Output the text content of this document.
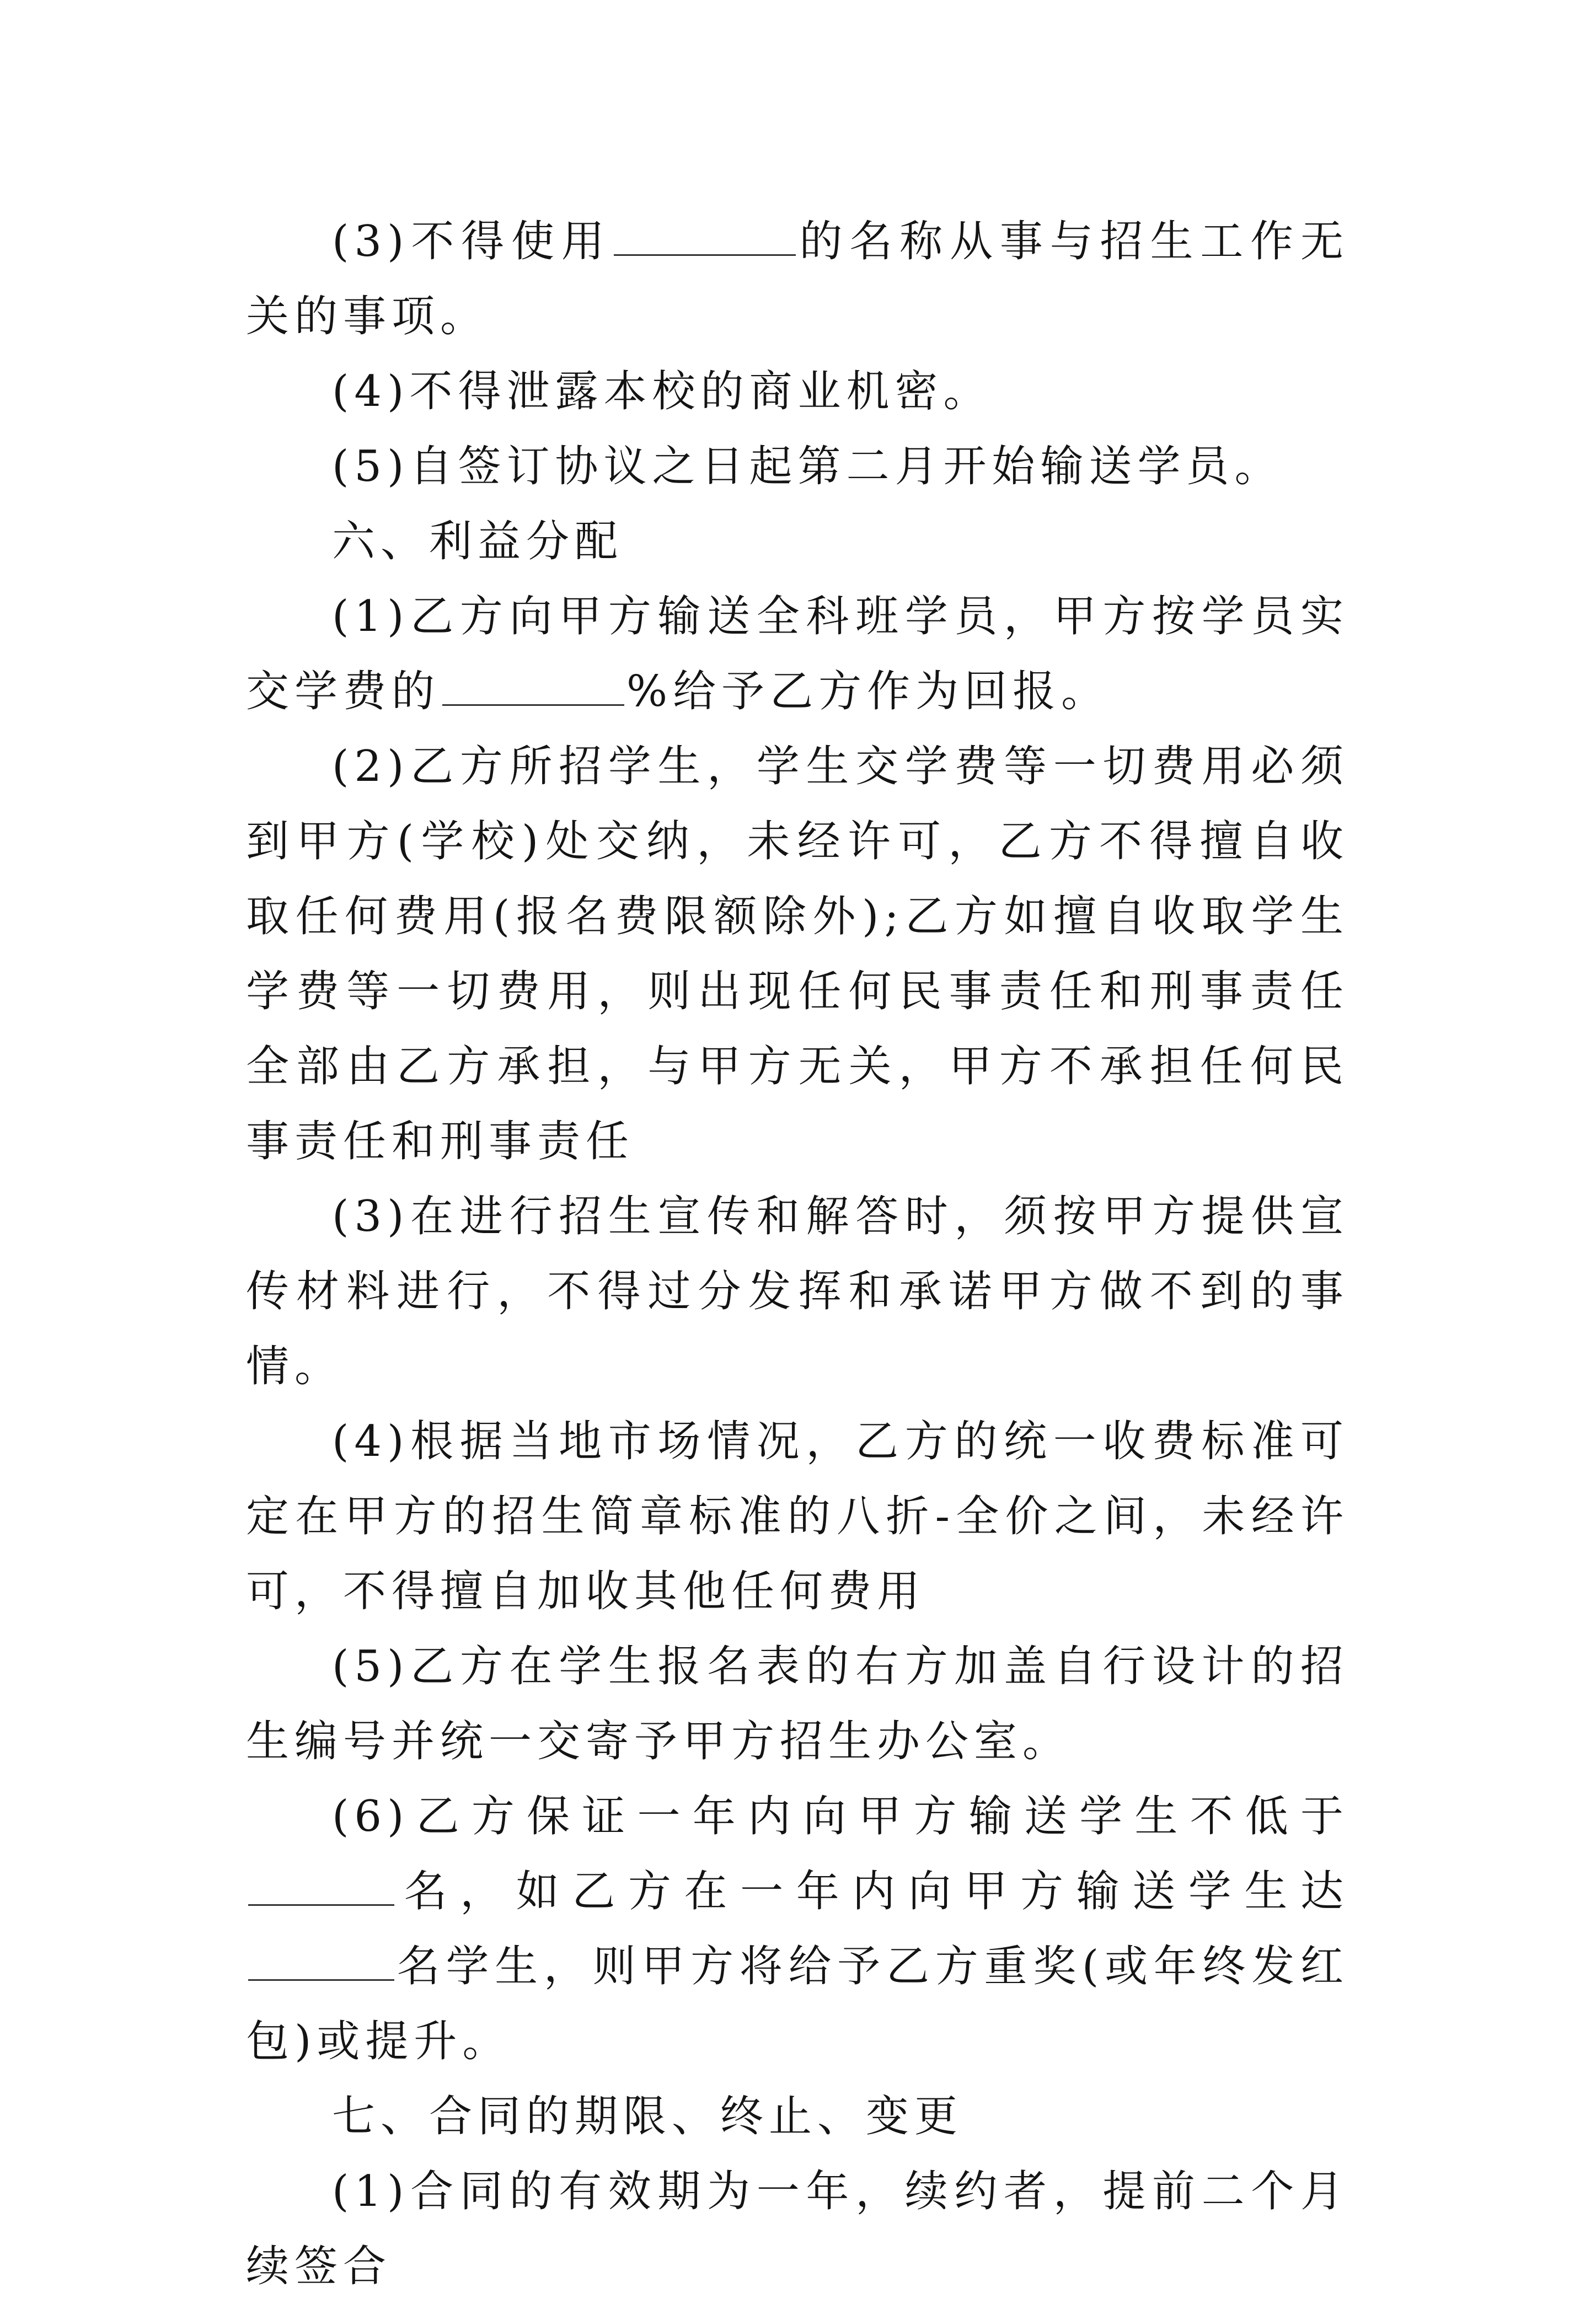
(3)不得使用	的名称从事与招生工作无关的事项。

(4)不得泄露本校的商业机密。

(5)自签订协议之日起第二月开始输送学员。

六、利益分配

(1)乙方向甲方输送全科班学员，甲方按学员实交学费的	%给予乙方作为回报。

(2)乙方所招学生，学生交学费等一切费用必须到甲方(学校)处交纳，未经许可，乙方不得擅自收取任何费用(报名费限额除外);乙方如擅自收取学生学费等一切费用，则出现任何民事责任和刑事责任全部由乙方承担，与甲方无关，甲方不承担任何民事责任和刑事责任

(3)在进行招生宣传和解答时，须按甲方提供宣传材料进行，不得过分发挥和承诺甲方做不到的事情。

(4)根据当地市场情况，乙方的统一收费标准可定在甲方的招生简章标准的八折-全价之间，未经许可，不得擅自加收其他任何费用

(5)乙方在学生报名表的右方加盖自行设计的招生编号并统一交寄予甲方招生办公室。

(6)乙方保证一年内向甲方输送学生不低于名，如乙方在一年内向甲方输送学生达名学生，则甲方将给予乙方重奖(或年终发红包)或提升。

七、合同的期限、终止、变更

(1)合同的有效期为一年，续约者，提前二个月续签合
